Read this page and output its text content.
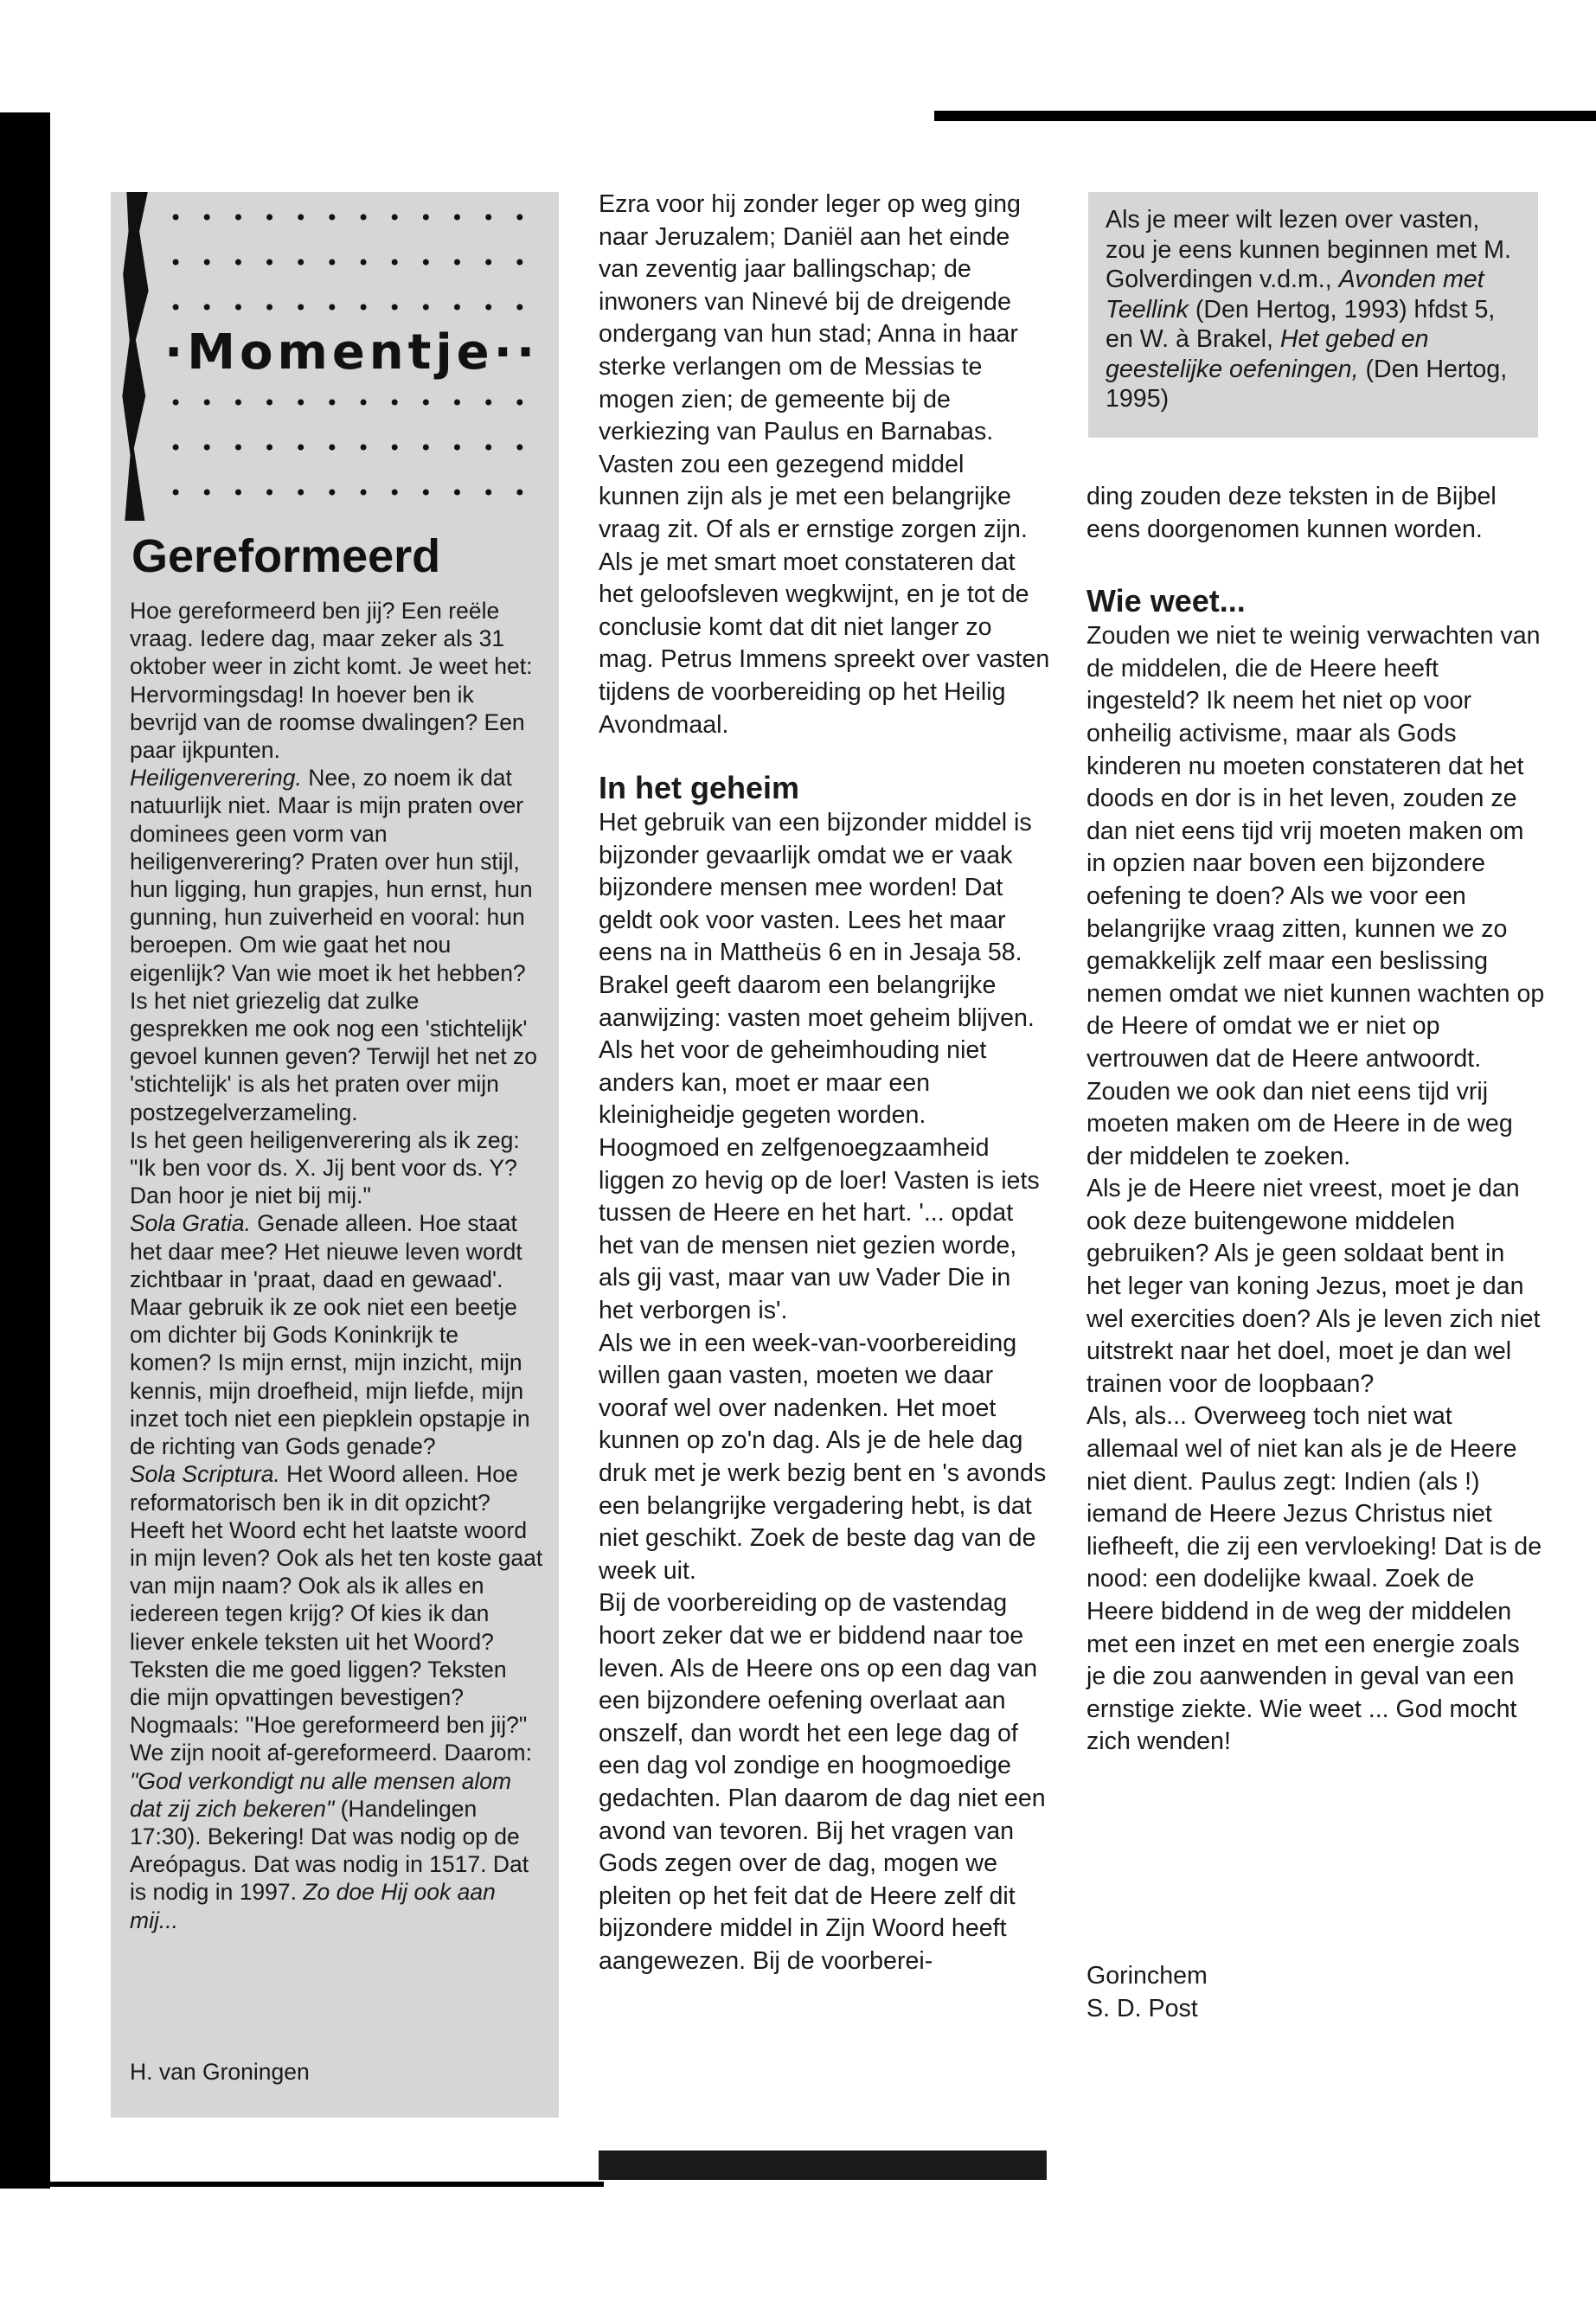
••••••••••••
••••••••••••
••••••••••••
·Momentje··
••••••••••••
••••••••••••
••••••••••••
Gereformeerd

Hoe gereformeerd ben jij? Een reële vraag. Iedere dag, maar zeker als 31 oktober weer in zicht komt. Je weet het: Hervormingsdag! In hoever ben ik bevrijd van de roomse dwalingen? Een paar ijkpunten.

Heiligenverering. Nee, zo noem ik dat natuurlijk niet. Maar is mijn praten over dominees geen vorm van heiligenverering? Praten over hun stijl, hun ligging, hun grapjes, hun ernst, hun gunning, hun zuiverheid en vooral: hun beroepen. Om wie gaat het nou eigenlijk? Van wie moet ik het hebben?

Is het niet griezelig dat zulke gesprekken me ook nog een 'stichtelijk' gevoel kunnen geven? Terwijl het net zo 'stichtelijk' is als het praten over mijn postzegelverzameling.

Is het geen heiligenverering als ik zeg: "Ik ben voor ds. X. Jij bent voor ds. Y? Dan hoor je niet bij mij."

Sola Gratia. Genade alleen. Hoe staat het daar mee? Het nieuwe leven wordt zichtbaar in 'praat, daad en gewaad'. Maar gebruik ik ze ook niet een beetje om dichter bij Gods Koninkrijk te komen? Is mijn ernst, mijn inzicht, mijn kennis, mijn droefheid, mijn liefde, mijn inzet toch niet een piepklein opstapje in de richting van Gods genade?

Sola Scriptura. Het Woord alleen. Hoe reformatorisch ben ik in dit opzicht? Heeft het Woord echt het laatste woord in mijn leven? Ook als het ten koste gaat van mijn naam? Ook als ik alles en iedereen tegen krijg? Of kies ik dan liever enkele teksten uit het Woord? Teksten die me goed liggen? Teksten die mijn opvattingen bevestigen?

Nogmaals: "Hoe gereformeerd ben jij?" We zijn nooit af-gereformeerd. Daarom: "God verkondigt nu alle mensen alom dat zij zich bekeren" (Handelingen 17:30). Bekering! Dat was nodig op de Areópagus. Dat was nodig in 1517. Dat is nodig in 1997. Zo doe Hij ook aan mij...

H. van Groningen

Ezra voor hij zonder leger op weg ging naar Jeruzalem; Daniël aan het einde van zeventig jaar ballingschap; de inwoners van Ninevé bij de dreigende ondergang van hun stad; Anna in haar sterke verlangen om de Messias te mogen zien; de gemeente bij de verkiezing van Paulus en Barnabas.

Vasten zou een gezegend middel kunnen zijn als je met een belangrijke vraag zit. Of als er ernstige zorgen zijn. Als je met smart moet constateren dat het geloofsleven wegkwijnt, en je tot de conclusie komt dat dit niet langer zo mag. Petrus Immens spreekt over vasten tijdens de voorbereiding op het Heilig Avondmaal.

In het geheim

Het gebruik van een bijzonder middel is bijzonder gevaarlijk omdat we er vaak bijzondere mensen mee worden! Dat geldt ook voor vasten. Lees het maar eens na in Mattheüs 6 en in Jesaja 58. Brakel geeft daarom een belangrijke aanwijzing: vasten moet geheim blijven. Als het voor de geheimhouding niet anders kan, moet er maar een kleinigheidje gegeten worden. Hoogmoed en zelfgenoegzaamheid liggen zo hevig op de loer! Vasten is iets tussen de Heere en het hart. '... opdat het van de mensen niet gezien worde, als gij vast, maar van uw Vader Die in het verborgen is'.

Als we in een week-van-voorbereiding willen gaan vasten, moeten we daar vooraf wel over nadenken. Het moet kunnen op zo'n dag. Als je de hele dag druk met je werk bezig bent en 's avonds een belangrijke vergadering hebt, is dat niet geschikt. Zoek de beste dag van de week uit.

Bij de voorbereiding op de vastendag hoort zeker dat we er biddend naar toe leven. Als de Heere ons op een dag van een bijzondere oefening overlaat aan onszelf, dan wordt het een lege dag of een dag vol zondige en hoogmoedige gedachten. Plan daarom de dag niet een avond van tevoren. Bij het vragen van Gods zegen over de dag, mogen we pleiten op het feit dat de Heere zelf dit bijzondere middel in Zijn Woord heeft aangewezen. Bij de voorberei-

Als je meer wilt lezen over vasten, zou je eens kunnen beginnen met M. Golverdingen v.d.m., Avonden met Teellink (Den Hertog, 1993) hfdst 5, en W. à Brakel, Het gebed en geestelijke oefeningen, (Den Hertog, 1995)

ding zouden deze teksten in de Bijbel eens doorgenomen kunnen worden.

Wie weet...

Zouden we niet te weinig verwachten van de middelen, die de Heere heeft ingesteld? Ik neem het niet op voor onheilig activisme, maar als Gods kinderen nu moeten constateren dat het doods en dor is in het leven, zouden ze dan niet eens tijd vrij moeten maken om in opzien naar boven een bijzondere oefening te doen? Als we voor een belangrijke vraag zitten, kunnen we zo gemakkelijk zelf maar een beslissing nemen omdat we niet kunnen wachten op de Heere of omdat we er niet op vertrouwen dat de Heere antwoordt. Zouden we ook dan niet eens tijd vrij moeten maken om de Heere in de weg der middelen te zoeken.

Als je de Heere niet vreest, moet je dan ook deze buitengewone middelen gebruiken? Als je geen soldaat bent in het leger van koning Jezus, moet je dan wel exercities doen? Als je leven zich niet uitstrekt naar het doel, moet je dan wel trainen voor de loopbaan?

Als, als... Overweeg toch niet wat allemaal wel of niet kan als je de Heere niet dient. Paulus zegt: Indien (als !) iemand de Heere Jezus Christus niet liefheeft, die zij een vervloeking! Dat is de nood: een dodelijke kwaal. Zoek de Heere biddend in de weg der middelen met een inzet en met een energie zoals je die zou aanwenden in geval van een ernstige ziekte. Wie weet ... God mocht zich wenden!

Gorinchem
S. D. Post
